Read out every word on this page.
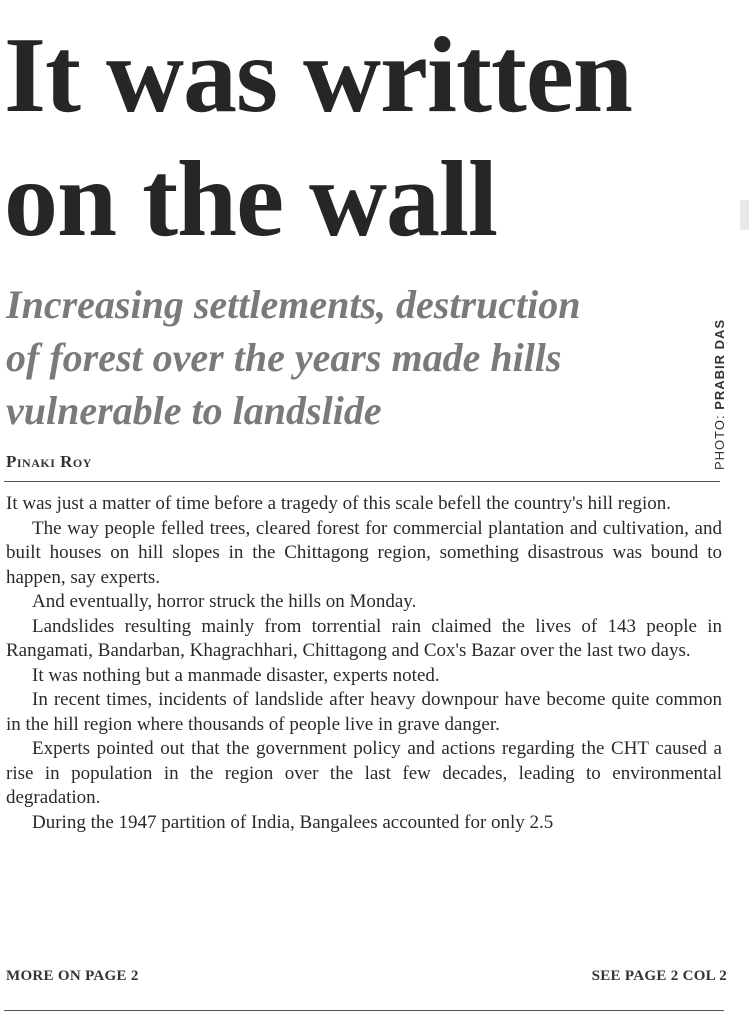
It was written
on the wall
Increasing settlements, destruction
of forest over the years made hills
vulnerable to landslide	PHOTO: PRABIR DAS
Pinaki Roy

It was just a matter of time before a tragedy of this scale befell the country's hill region.

The way people felled trees, cleared forest for commercial plantation and cultivation, and built houses on hill slopes in the Chittagong region, something disastrous was bound to happen, say experts.

And eventually, horror struck the hills on Monday.

Landslides resulting mainly from torrential rain claimed the lives of 143 people in Rangamati, Bandarban, Khagrachhari, Chittagong and Cox's Bazar over the last two days.

It was nothing but a manmade disaster, experts noted.

In recent times, incidents of landslide after heavy downpour have become quite common in the hill region where thousands of people live in grave danger.

Experts pointed out that the government policy and actions regarding the CHT caused a rise in population in the region over the last few decades, leading to environmental degradation.

During the 1947 partition of India, Bangalees accounted for only 2.5

MORE ON PAGE 2	SEE PAGE 2 COL 2
